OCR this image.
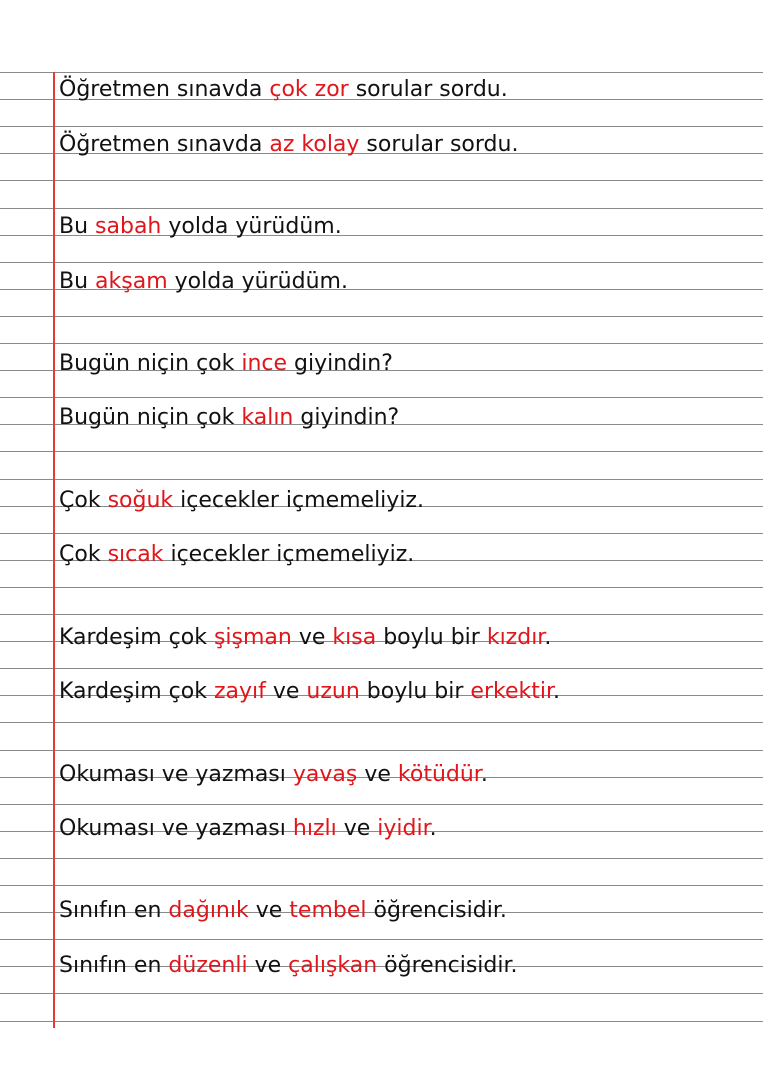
Öğretmen sınavda çok zor sorular sordu.
Öğretmen sınavda az kolay sorular sordu.
Bu sabah yolda yürüdüm.
Bu akşam yolda yürüdüm.
Bugün niçin çok ince giyindin?
Bugün niçin çok kalın giyindin?
Çok soğuk içecekler içmemeliyiz.
Çok sıcak içecekler içmemeliyiz.
Kardeşim çok şişman ve kısa boylu bir kızdır.
Kardeşim çok zayıf ve uzun boylu bir erkektir.
Okuması ve yazması yavaş ve kötüdür.
Okuması ve yazması hızlı ve iyidir.
Sınıfın en dağınık ve tembel öğrencisidir.
Sınıfın en düzenli ve çalışkan öğrencisidir.
